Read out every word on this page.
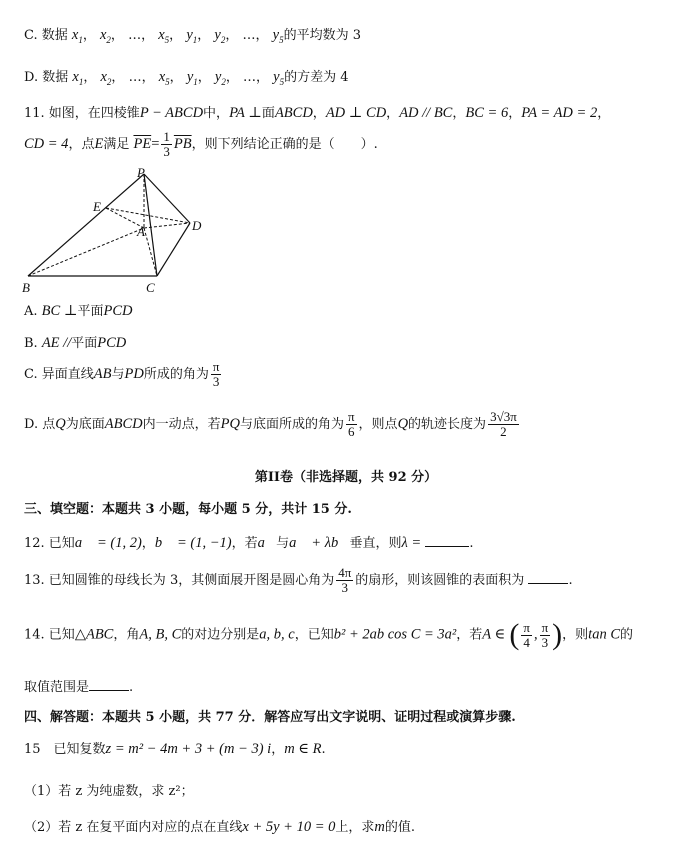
C. 数据 $x_1$， $x_2$， …， $x_5$， $y_1$， $y_2$， …， $y_5$的平均数为 3
D. 数据 $x_1$， $x_2$， …， $x_5$， $y_1$， $y_2$， …， $y_5$的方差为 4
11. 如图，在四棱锥P − ABCD中，PA ⊥面ABCD，AD ⊥ CD，AD // BC，BC = 6，PA = AD = 2，
CD = 4，点E满足 $\overline{PE}= \frac{1}{3} \overline{PB}$，则下列结论正确的是（　　）.
P
E
A	D
B	C
A. BC ⊥平面PCD
B. AE //平面PCD
C. 异面直线AB与PD所成的角为 $\frac{\pi}{3}$
D. 点Q为底面ABCD内一动点，若PQ与底面所成的角为 $\frac{\pi}{6}$ ，则点Q的轨迹长度为 $\frac{3√3\pi}{2}$
第II卷（非选择题，共 92 分）
三、填空题：本题共 3 小题，每小题 5 分，共计 15 分.
12. 已知a⃗ = (1, 2)，b⃗ = (1, −1)，若a⃗与a⃗ + λb⃗垂直，则λ =	.
13. 已知圆锥的母线长为 3，其侧面展开图是圆心角为 $\frac{4\pi}{3}$ 的扇形，则该圆锥的表面积为	.
14. 已知△ABC，角A, B, C的对边分别是a, b, c，已知b² + 2ab cos C = 3a²，若A ∈ ( $\frac{\pi}{4}$ , $\frac{\pi}{3}$ )，则tan C的
取值范围是	.
四、解答题：本题共 5 小题，共 77 分．解答应写出文字说明、证明过程或演算步骤.
15　已知复数z = m² − 4m + 3 + (m − 3) i，m ∈ R.
（1）若 z 为纯虚数，求 z²；
（2）若 z 在复平面内对应的点在直线x + 5y + 10 = 0上，求m的值.
